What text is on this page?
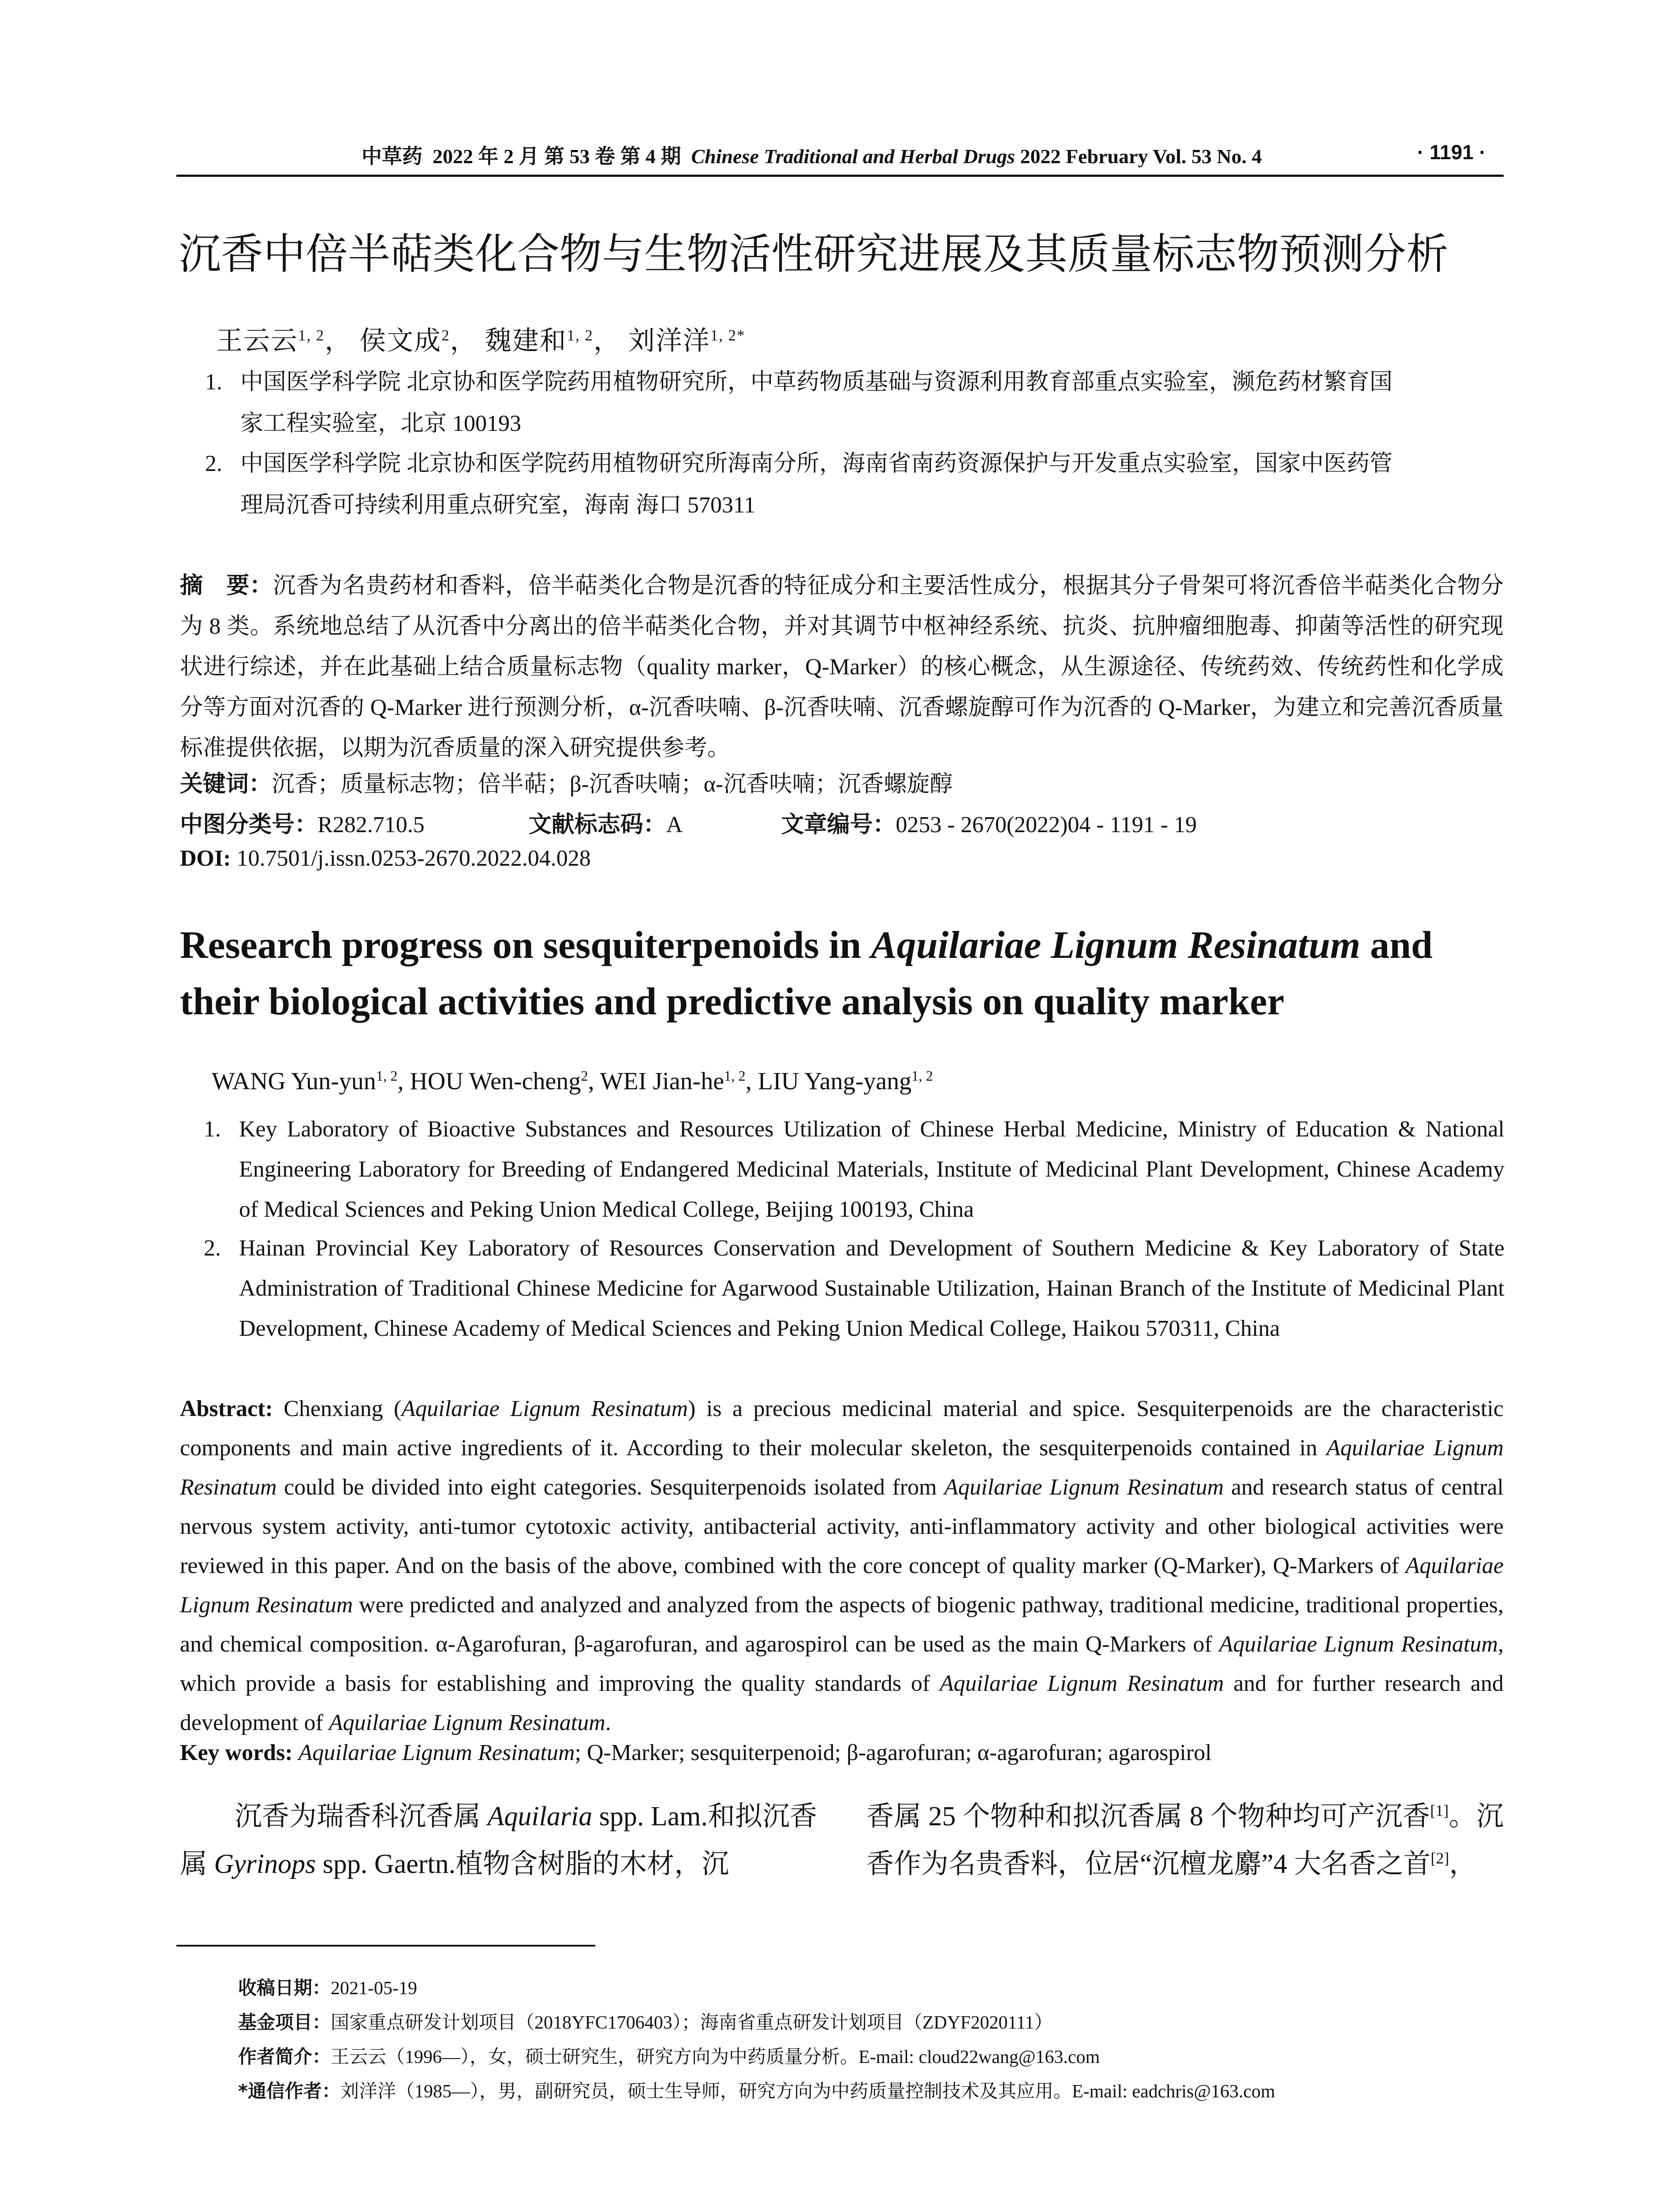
中草药 2022 年 2 月 第 53 卷 第 4 期 Chinese Traditional and Herbal Drugs 2022 February Vol. 53 No. 4	· 1191 ·
沉香中倍半萜类化合物与生物活性研究进展及其质量标志物预测分析
王云云$^{1, 2}$， 侯文成$^2$， 魏建和$^{1, 2}$， 刘洋洋$^{1, 2*}$
1. 中国医学科学院 北京协和医学院药用植物研究所，中草药物质基础与资源利用教育部重点实验室，濒危药材繁育国
家工程实验室，北京 100193
2. 中国医学科学院 北京协和医学院药用植物研究所海南分所，海南省南药资源保护与开发重点实验室，国家中医药管
理局沉香可持续利用重点研究室，海南 海口 570311
摘　要：沉香为名贵药材和香料，倍半萜类化合物是沉香的特征成分和主要活性成分，根据其分子骨架可将沉香倍半萜类化合物分为 8 类。系统地总结了从沉香中分离出的倍半萜类化合物，并对其调节中枢神经系统、抗炎、抗肿瘤细胞毒、抑菌等活性的研究现状进行综述，并在此基础上结合质量标志物（quality marker，Q-Marker）的核心概念，从生源途径、传统药效、传统药性和化学成分等方面对沉香的 Q-Marker 进行预测分析，α-沉香呋喃、β-沉香呋喃、沉香螺旋醇可作为沉香的 Q-Marker，为建立和完善沉香质量标准提供依据，以期为沉香质量的深入研究提供参考。
关键词：沉香；质量标志物；倍半萜；β-沉香呋喃；α-沉香呋喃；沉香螺旋醇
中图分类号：R282.710.5	文献标志码：A	文章编号：0253 - 2670(2022)04 - 1191 - 19
DOI: 10.7501/j.issn.0253-2670.2022.04.028
Research progress on sesquiterpenoids in Aquilariae Lignum Resinatum and their biological activities and predictive analysis on quality marker
WANG Yun-yun$^{1, 2}$, HOU Wen-cheng$^2$, WEI Jian-he$^{1, 2}$, LIU Yang-yang$^{1, 2}$
1. Key Laboratory of Bioactive Substances and Resources Utilization of Chinese Herbal Medicine, Ministry of Education & National Engineering Laboratory for Breeding of Endangered Medicinal Materials, Institute of Medicinal Plant Development, Chinese Academy of Medical Sciences and Peking Union Medical College, Beijing 100193, China
2. Hainan Provincial Key Laboratory of Resources Conservation and Development of Southern Medicine & Key Laboratory of State Administration of Traditional Chinese Medicine for Agarwood Sustainable Utilization, Hainan Branch of the Institute of Medicinal Plant Development, Chinese Academy of Medical Sciences and Peking Union Medical College, Haikou 570311, China
Abstract: Chenxiang (Aquilariae Lignum Resinatum) is a precious medicinal material and spice. Sesquiterpenoids are the characteristic components and main active ingredients of it. According to their molecular skeleton, the sesquiterpenoids contained in Aquilariae Lignum Resinatum could be divided into eight categories. Sesquiterpenoids isolated from Aquilariae Lignum Resinatum and research status of central nervous system activity, anti-tumor cytotoxic activity, antibacterial activity, anti-inflammatory activity and other biological activities were reviewed in this paper. And on the basis of the above, combined with the core concept of quality marker (Q-Marker), Q-Markers of Aquilariae Lignum Resinatum were predicted and analyzed and analyzed from the aspects of biogenic pathway, traditional medicine, traditional properties, and chemical composition. α-Agarofuran, β-agarofuran, and agarospirol can be used as the main Q-Markers of Aquilariae Lignum Resinatum, which provide a basis for establishing and improving the quality standards of Aquilariae Lignum Resinatum and for further research and development of Aquilariae Lignum Resinatum.
Key words: Aquilariae Lignum Resinatum; Q-Marker; sesquiterpenoid; β-agarofuran; α-agarofuran; agarospirol
沉香为瑞香科沉香属 Aquilaria spp. Lam.和拟沉香属 Gyrinops spp. Gaertn.植物含树脂的木材，沉
香属 25 个物种和拟沉香属 8 个物种均可产沉香[1]。沉香作为名贵香料，位居“沉檀龙麝”4 大名香之首[2]，
收稿日期：2021-05-19
基金项目：国家重点研发计划项目（2018YFC1706403）；海南省重点研发计划项目（ZDYF2020111）
作者简介：王云云（1996—），女，硕士研究生，研究方向为中药质量分析。E-mail: cloud22wang@163.com
*通信作者：刘洋洋（1985—），男，副研究员，硕士生导师，研究方向为中药质量控制技术及其应用。E-mail: eadchris@163.com
